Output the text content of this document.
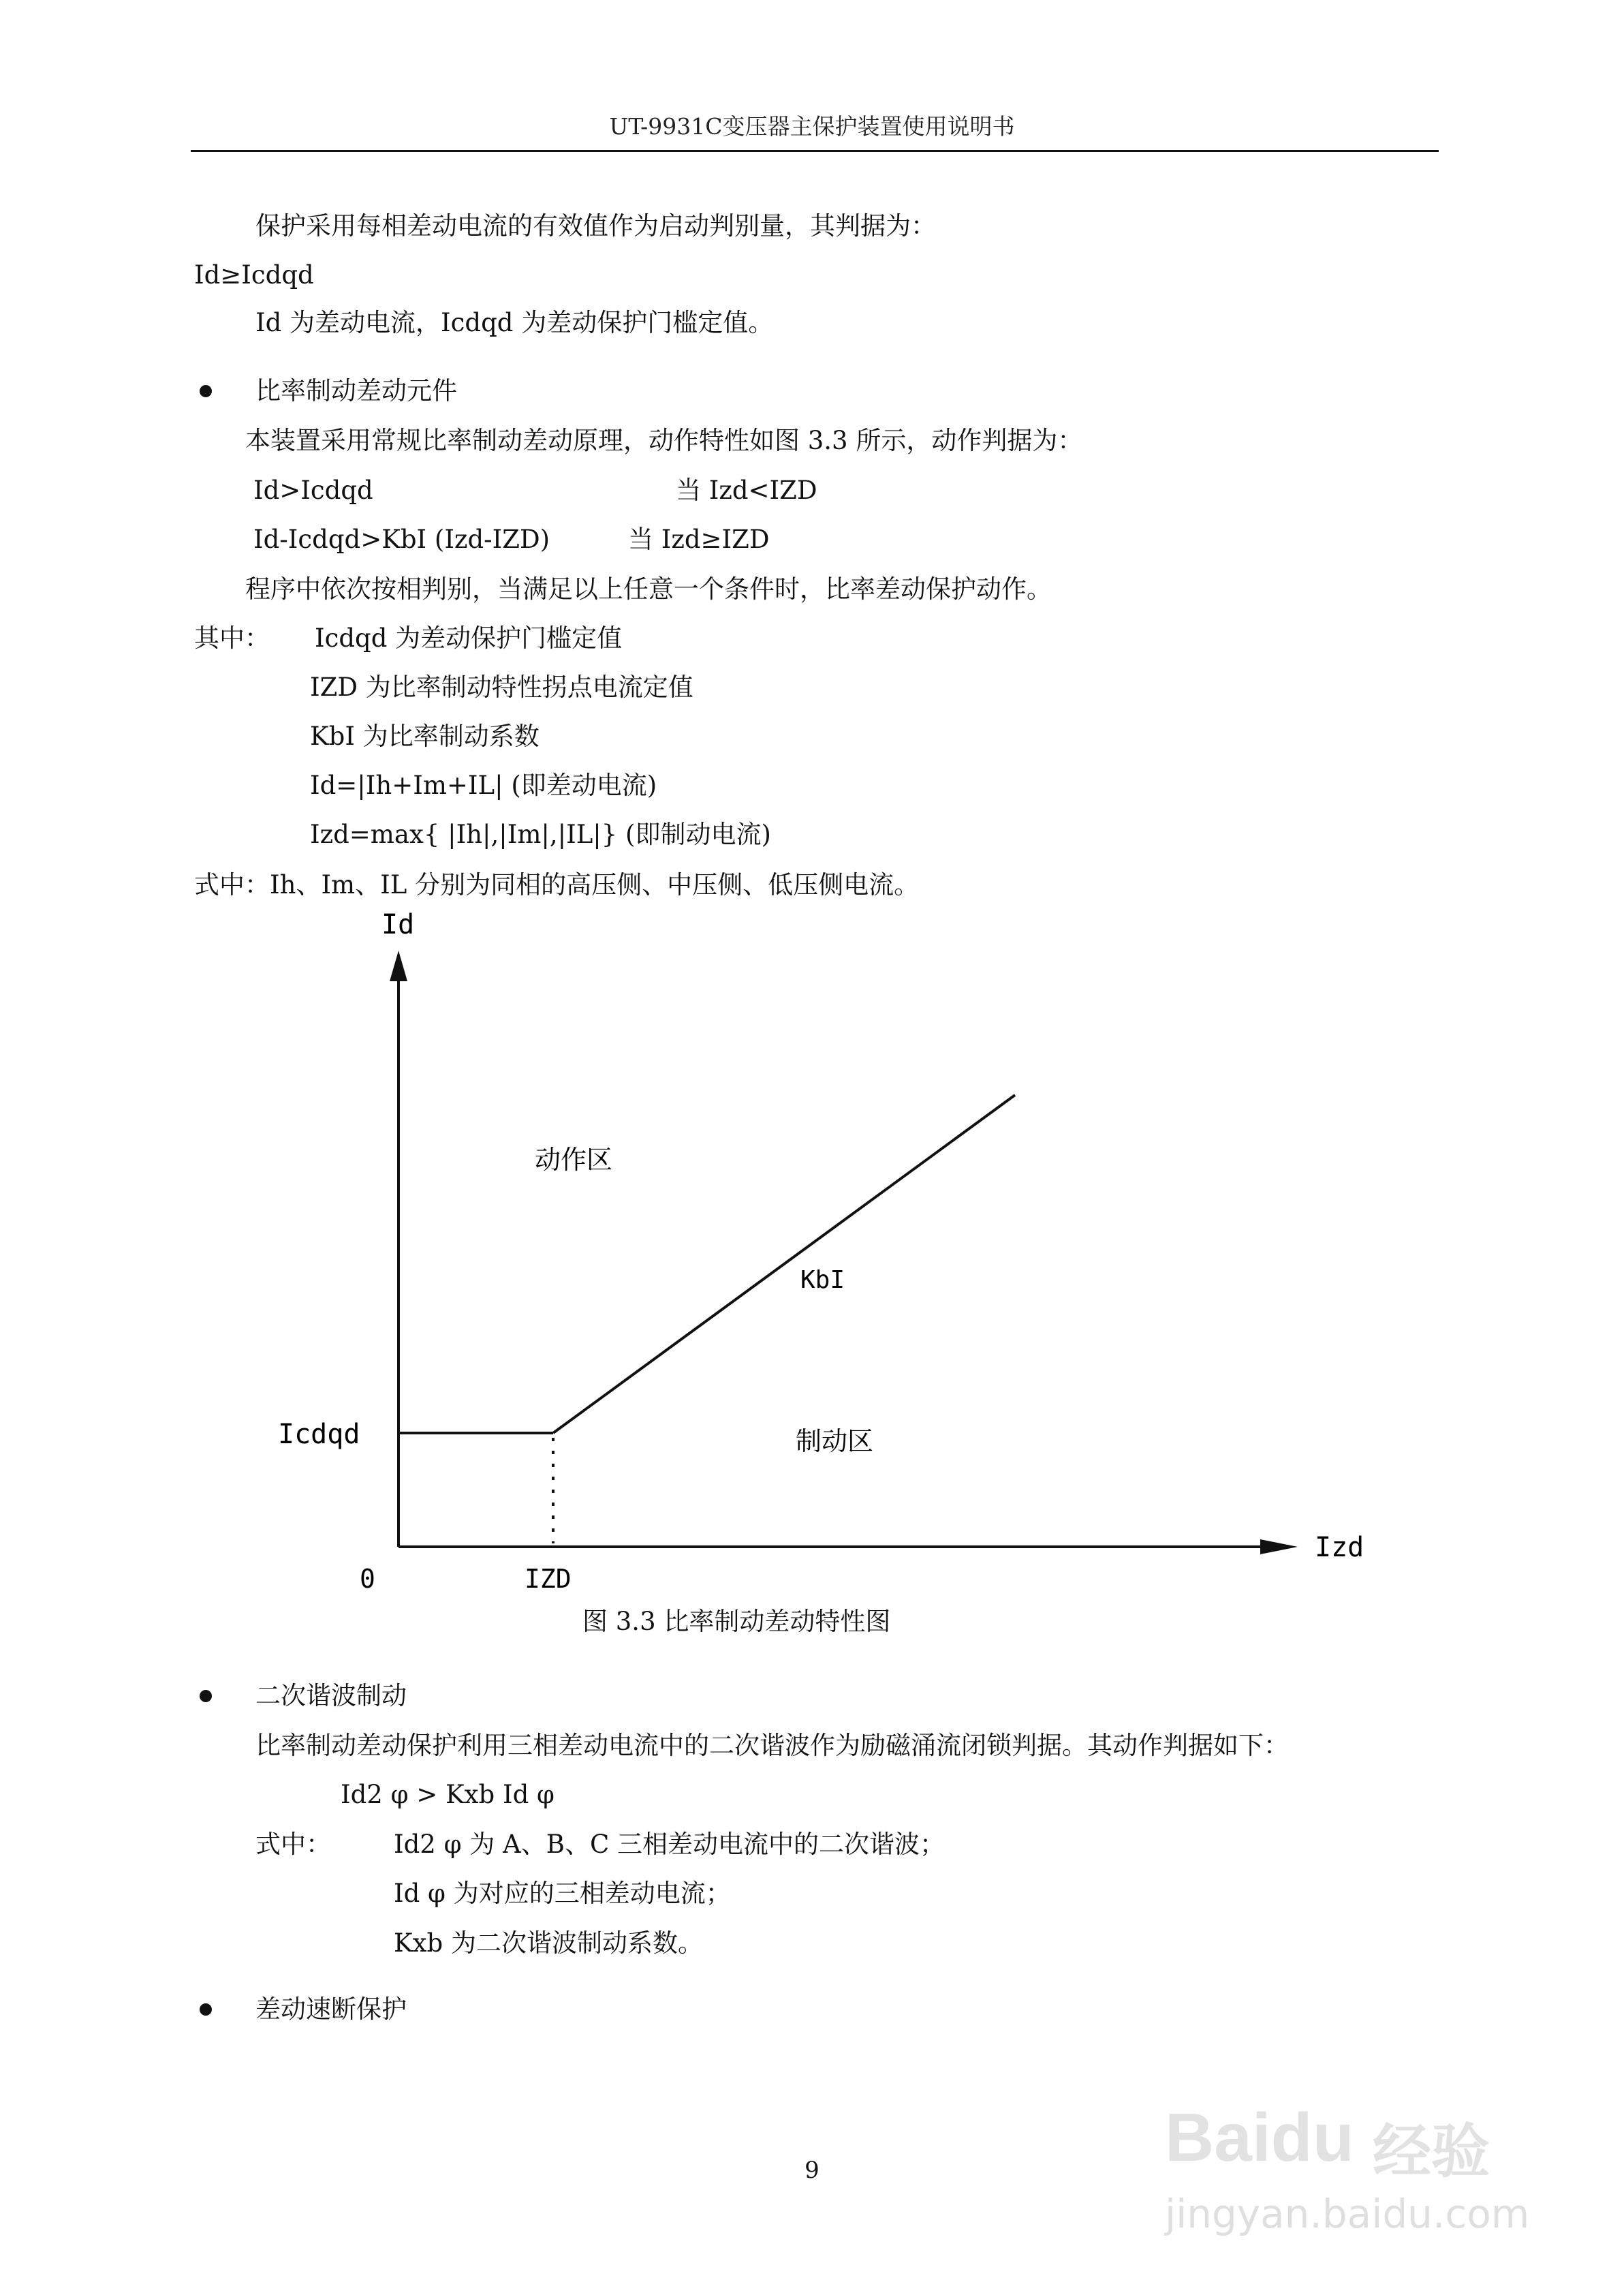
UT-9931C变压器主保护装置使用说明书
保护采用每相差动电流的有效值作为启动判别量，其判据为：
Id≥Icdqd
Id 为差动电流，Icdqd 为差动保护门槛定值。
比率制动差动元件
本装置采用常规比率制动差动原理，动作特性如图 3.3 所示，动作判据为：
Id>Icdqd	当 Izd<IZD
Id-Icdqd>KbI (Izd-IZD)	当 Izd≥IZD
程序中依次按相判别，当满足以上任意一个条件时，比率差动保护动作。
其中： Icdqd 为差动保护门槛定值
IZD 为比率制动特性拐点电流定值
KbI 为比率制动系数
Id=|Ih+Im+IL| (即差动电流)
Izd=max{ |Ih|,|Im|,|IL|} (即制动电流)
式中：Ih、Im、IL 分别为同相的高压侧、中压侧、低压侧电流。
Id
Izd
0
Icdqd
IZD
动作区
KbI
制动区
图 3.3 比率制动差动特性图
二次谐波制动
比率制动差动保护利用三相差动电流中的二次谐波作为励磁涌流闭锁判据。其动作判据如下：
Id2 φ > Kxb Id φ
式中： Id2 φ 为 A、B、C 三相差动电流中的二次谐波；
Id φ 为对应的三相差动电流；
Kxb 为二次谐波制动系数。
差动速断保护
9	Baidu 经验
jingyan.baidu.com
